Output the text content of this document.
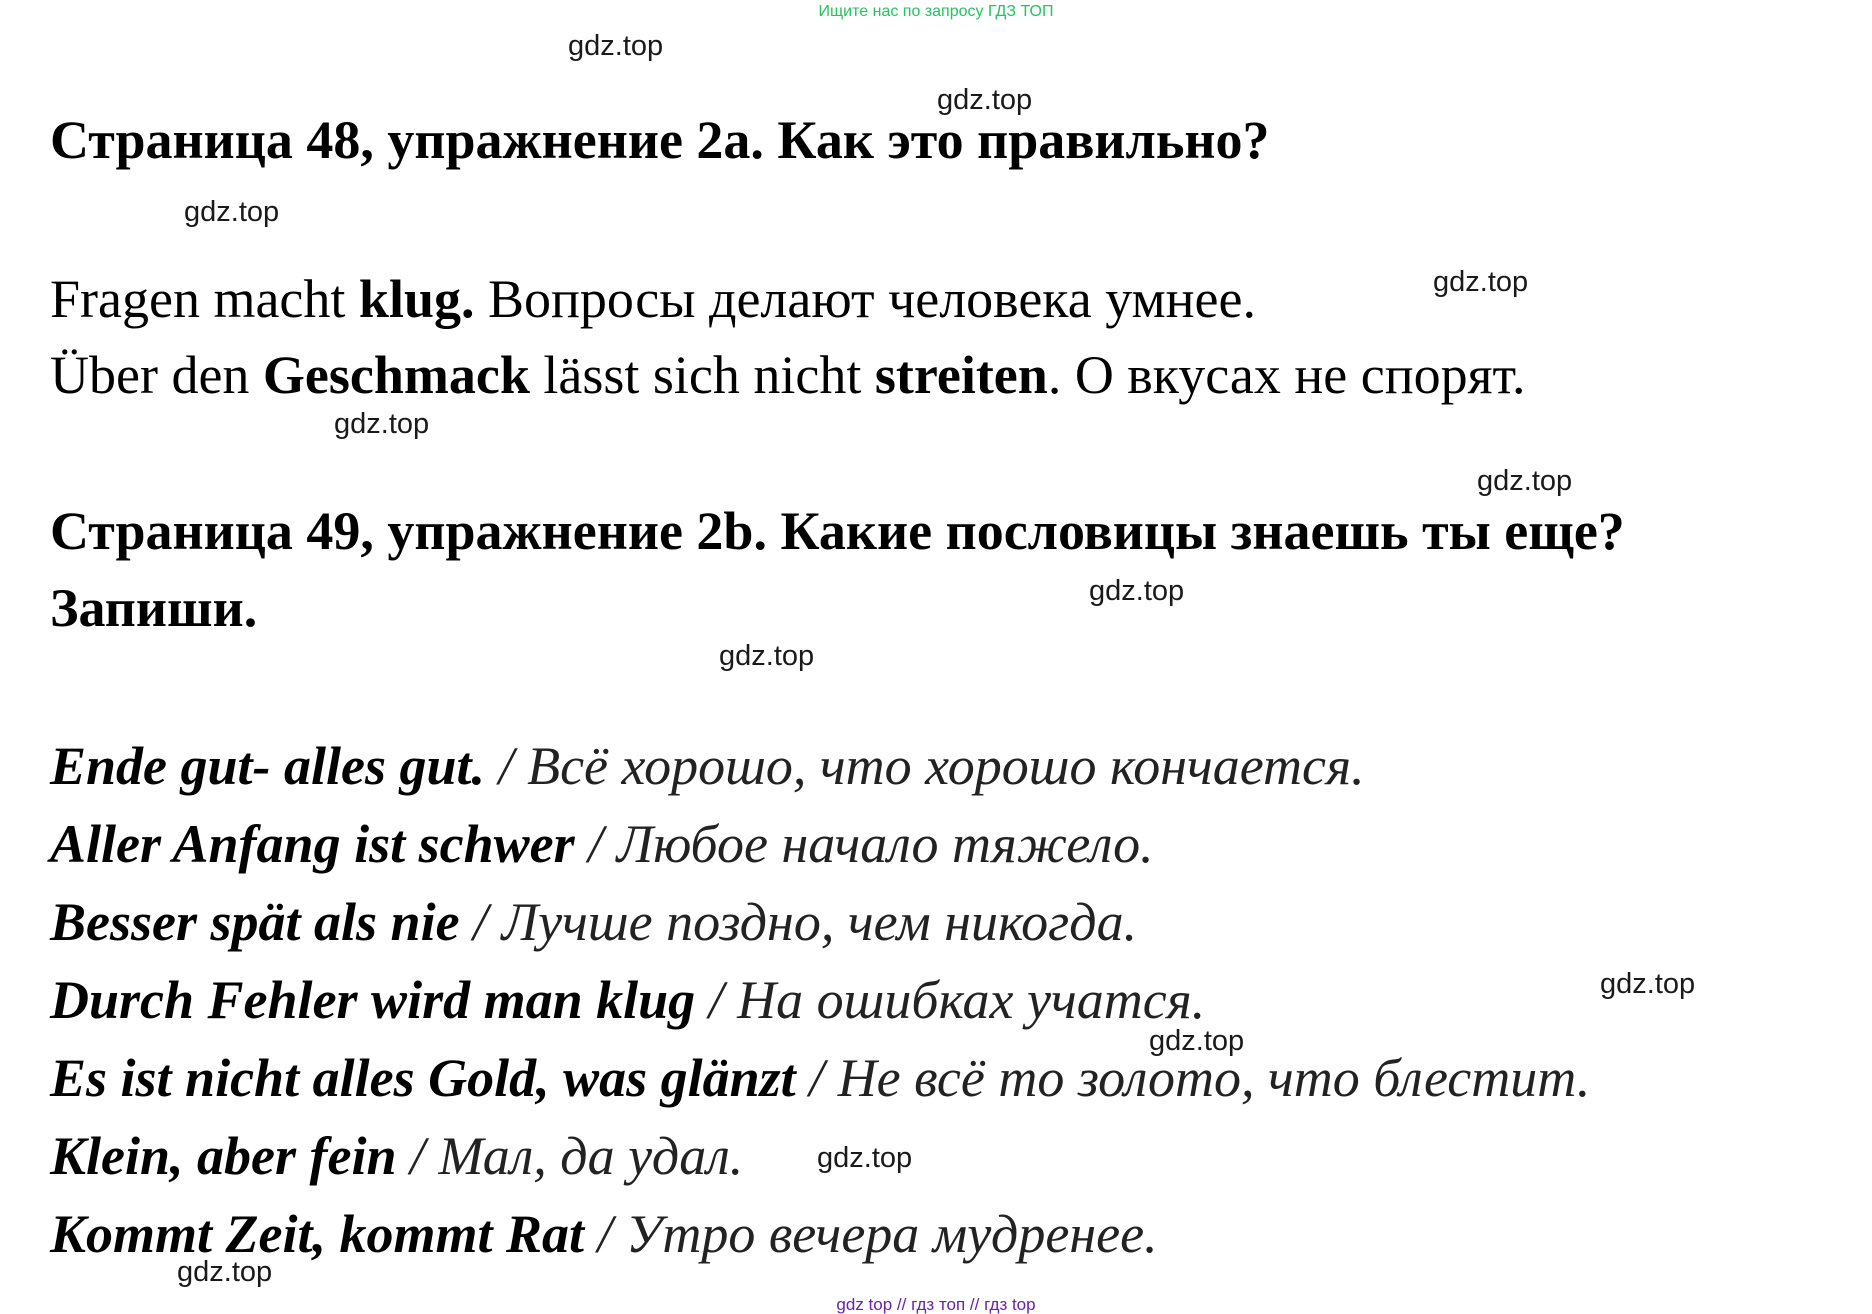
Ищите нас по запросу ГДЗ ТОП
gdz.top
gdz.top
gdz.top
gdz.top
gdz.top
gdz.top
gdz.top
gdz.top
gdz.top
gdz.top
gdz.top
gdz.top
Страница 48, упражнение 2a. Как это правильно?

Fragen macht klug. Вопросы делают человека умнее.

Über den Geschmack lässt sich nicht streiten. О вкусах не спорят.

Страница 49, упражнение 2b. Какие пословицы знаешь ты еще?
Запиши.

Ende gut- alles gut. / Всё хорошо, что хорошо кончается.

Aller Anfang ist schwer / Любое начало тяжело.

Besser spät als nie / Лучше поздно, чем никогда.

Durch Fehler wird man klug / На ошибках учатся.

Es ist nicht alles Gold, was glänzt / Не всё то золото, что блестит.

Klein, aber fein / Мал, да удал.

Kommt Zeit, kommt Rat / Утро вечера мудренее.

gdz top // гдз топ // гдз top
